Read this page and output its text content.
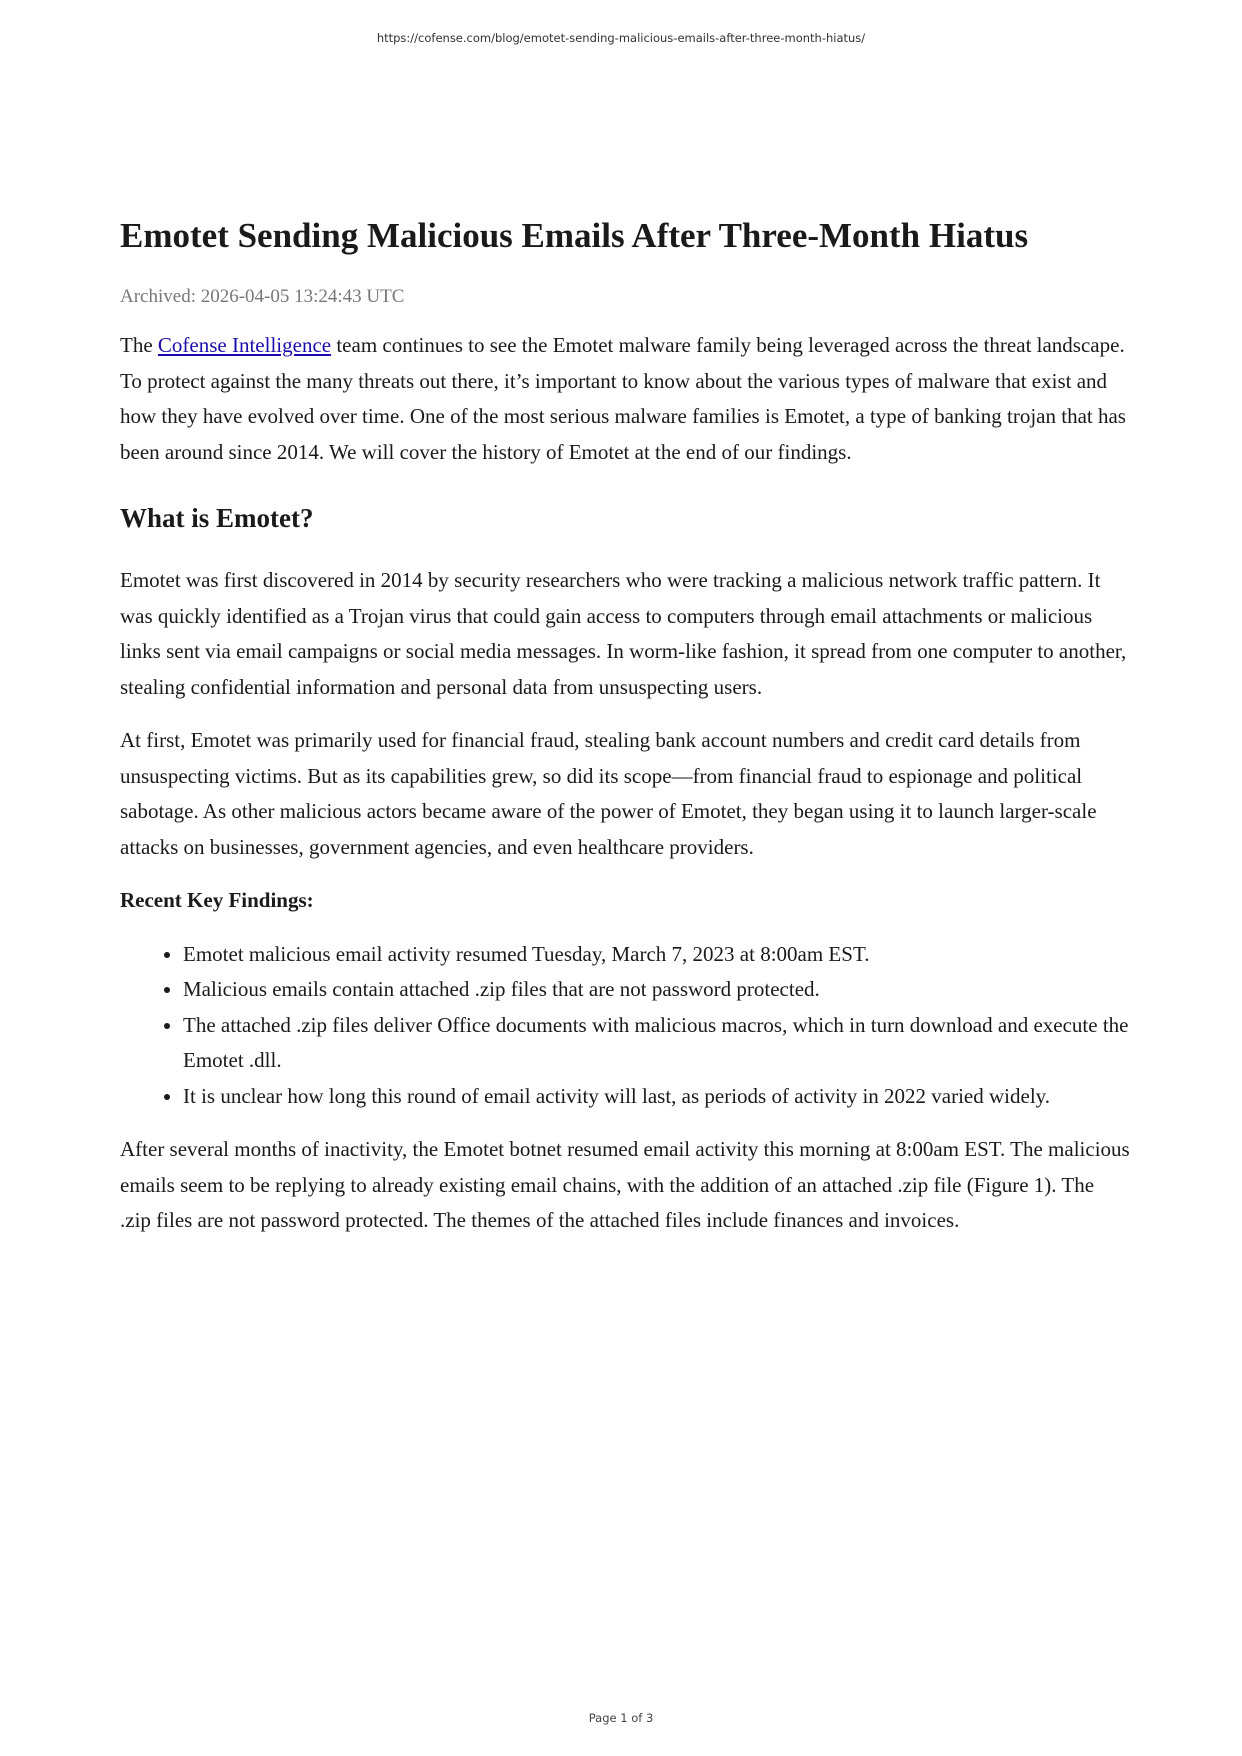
https://cofense.com/blog/emotet-sending-malicious-emails-after-three-month-hiatus/
Emotet Sending Malicious Emails After Three-Month Hiatus
Archived: 2026-04-05 13:24:43 UTC

The Cofense Intelligence team continues to see the Emotet malware family being leveraged across the threat landscape. To protect against the many threats out there, it’s important to know about the various types of malware that exist and how they have evolved over time. One of the most serious malware families is Emotet, a type of banking trojan that has been around since 2014. We will cover the history of Emotet at the end of our findings.

What is Emotet?

Emotet was first discovered in 2014 by security researchers who were tracking a malicious network traffic pattern. It was quickly identified as a Trojan virus that could gain access to computers through email attachments or malicious links sent via email campaigns or social media messages. In worm-like fashion, it spread from one computer to another, stealing confidential information and personal data from unsuspecting users.

At first, Emotet was primarily used for financial fraud, stealing bank account numbers and credit card details from unsuspecting victims. But as its capabilities grew, so did its scope—from financial fraud to espionage and political sabotage. As other malicious actors became aware of the power of Emotet, they began using it to launch larger-scale attacks on businesses, government agencies, and even healthcare providers.

Recent Key Findings:
• Emotet malicious email activity resumed Tuesday, March 7, 2023 at 8:00am EST.
• Malicious emails contain attached .zip files that are not password protected.
• The attached .zip files deliver Office documents with malicious macros, which in turn download and execute the Emotet .dll.
• It is unclear how long this round of email activity will last, as periods of activity in 2022 varied widely.

After several months of inactivity, the Emotet botnet resumed email activity this morning at 8:00am EST. The malicious emails seem to be replying to already existing email chains, with the addition of an attached .zip file (Figure 1). The .zip files are not password protected. The themes of the attached files include finances and invoices.

Page 1 of 3
